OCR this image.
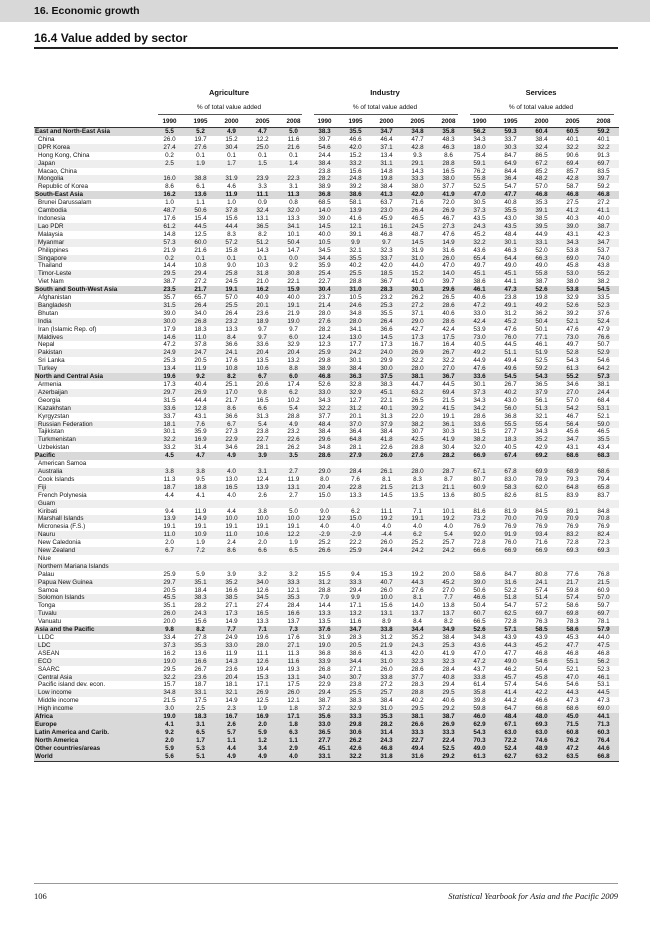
16. Economic growth
16.4 Value added by sector
Agriculture	Industry	Services
% of total value added	% of total value added	% of total value added
	1990	1995	2000	2005	2008	1990	1995	2000	2005	2008	1990	1995	2000	2005	2008
East and North-East Asia	5.5	5.2	4.9	4.7	5.0	38.3	35.5	34.7	34.8	35.8	56.2	59.3	60.4	60.5	59.2
China	26.0	19.7	15.2	12.2	11.6	39.7	46.6	46.4	47.7	48.3	34.3	33.7	38.4	40.1	40.1
DPR Korea	27.4	27.6	30.4	25.0	21.6	54.6	42.0	37.1	42.8	46.3	18.0	30.3	32.4	32.2	32.2
Hong Kong, China	0.2	0.1	0.1	0.1	0.1	24.4	15.2	13.4	9.3	8.6	75.4	84.7	86.5	90.6	91.3
Japan	2.5	1.9	1.7	1.5	1.4	38.4	33.2	31.1	29.1	28.8	59.1	64.9	67.2	69.4	69.7
Macao, China						23.8	15.6	14.8	14.3	16.5	76.2	84.4	85.2	85.7	83.5
Mongolia	16.0	38.8	31.9	23.9	22.3	28.2	24.8	19.8	33.3	38.0	55.8	36.4	48.2	42.8	39.7
Republic of Korea	8.6	6.1	4.6	3.3	3.1	38.9	39.2	38.4	38.0	37.7	52.5	54.7	57.0	58.7	59.2
South-East Asia	16.2	13.6	11.9	11.1	11.3	36.8	38.6	41.3	42.0	41.9	47.0	47.7	46.8	46.8	46.8
Brunei Darussalam	1.0	1.1	1.0	0.9	0.8	68.5	58.1	63.7	71.6	72.0	30.5	40.8	35.3	27.5	27.2
Cambodia	48.7	50.6	37.8	32.4	32.0	14.0	13.9	23.0	26.4	26.9	37.3	35.5	39.1	41.2	41.1
Indonesia	17.6	15.4	15.6	13.1	13.3	39.0	41.6	45.9	46.5	46.7	43.5	43.0	38.5	40.3	40.0
Lao PDR	61.2	44.5	44.4	36.5	34.1	14.5	12.1	16.1	24.5	27.3	24.3	43.5	39.5	39.0	38.7
Malaysia	14.8	12.5	8.3	8.2	10.1	40.0	39.1	46.8	48.7	47.6	45.2	48.4	44.9	43.1	42.3
Myanmar	57.3	60.0	57.2	51.2	50.4	10.5	9.9	9.7	14.5	14.9	32.2	30.1	33.1	34.3	34.7
Philippines	21.9	21.6	15.8	14.3	14.7	34.5	32.1	32.3	31.9	31.6	43.6	46.3	52.0	53.8	53.7
Singapore	0.2	0.1	0.1	0.1	0.0	34.4	35.5	33.7	31.0	26.0	65.4	64.4	66.3	69.0	74.0
Thailand	14.4	10.8	9.0	10.3	9.2	35.9	40.2	42.0	44.0	47.0	49.7	49.0	49.0	45.8	43.8
Timor-Leste	29.5	29.4	25.8	31.8	30.8	25.4	25.5	18.5	15.2	14.0	45.1	45.1	55.8	53.0	55.2
Viet Nam	38.7	27.2	24.5	21.0	22.1	22.7	28.8	36.7	41.0	39.7	38.6	44.1	38.7	38.0	38.2
South and South-West Asia	23.5	21.7	19.1	16.2	15.9	30.4	31.0	28.3	30.1	29.6	46.1	47.3	52.6	53.8	54.5
Afghanistan	35.7	65.7	57.0	40.9	40.0	23.7	10.5	23.2	26.2	26.5	40.6	23.8	19.8	32.9	33.5
Bangladesh	31.5	26.4	25.5	20.1	19.1	21.4	24.6	25.3	27.2	28.6	47.2	49.1	49.2	52.6	52.3
Bhutan	39.0	34.0	26.4	23.6	21.9	28.0	34.8	35.5	37.1	40.6	33.0	31.2	36.2	39.2	37.6
India	30.0	26.8	23.2	18.9	19.0	27.6	28.0	26.4	29.0	28.6	42.4	45.2	50.4	52.1	52.4
Iran (Islamic Rep. of)	17.9	18.3	13.3	9.7	9.7	28.2	34.1	36.6	42.7	42.4	53.9	47.6	50.1	47.6	47.9
Maldives	14.6	11.0	8.4	9.7	6.0	12.4	13.0	14.5	17.3	17.5	73.0	76.0	77.1	73.0	76.6
Nepal	47.2	37.8	36.6	33.6	32.9	12.3	17.7	17.3	16.7	16.4	40.5	44.5	46.1	49.7	50.7
Pakistan	24.9	24.7	24.1	20.4	20.4	25.9	24.2	24.0	26.9	26.7	49.2	51.1	51.9	52.8	52.9
Sri Lanka	25.3	20.5	17.6	13.5	13.2	29.8	30.1	29.9	32.2	32.2	44.9	49.4	52.5	54.3	54.6
Turkey	13.4	11.9	10.8	10.6	8.8	38.9	38.4	30.0	28.0	27.0	47.6	49.6	59.2	61.3	64.2
North and Central Asia	19.6	9.2	8.2	6.7	6.0	46.8	36.3	37.5	38.1	36.7	33.6	54.5	54.3	55.2	57.3
Armenia	17.3	40.4	25.1	20.6	17.4	52.6	32.8	38.3	44.7	44.5	30.1	26.7	36.5	34.6	38.1
Azerbaijan	29.7	26.9	17.0	9.8	6.2	33.0	32.9	45.1	63.2	69.4	37.3	40.2	37.9	27.0	24.4
Georgia	31.5	44.4	21.7	16.5	10.2	34.3	12.7	22.1	26.5	21.5	34.3	43.0	56.1	57.0	68.4
Kazakhstan	33.6	12.8	8.6	6.6	5.4	32.2	31.2	40.1	39.2	41.5	34.2	56.0	51.3	54.2	53.1
Kyrgyzstan	33.7	43.1	36.6	31.3	28.8	37.7	20.1	31.3	22.0	19.1	28.6	36.8	32.1	46.7	52.1
Russian Federation	18.1	7.6	6.7	5.4	4.9	48.4	37.0	37.9	38.2	36.1	33.6	55.5	55.4	56.4	59.0
Tajikistan	30.1	35.9	27.3	23.8	23.2	38.4	36.4	38.4	30.7	30.3	31.5	27.7	34.3	45.6	46.5
Turkmenistan	32.2	16.9	22.9	22.7	22.6	29.6	64.8	41.8	42.5	41.9	38.2	18.3	35.2	34.7	35.5
Uzbekistan	33.2	31.4	34.6	28.1	26.2	34.8	28.1	22.6	28.8	30.4	32.0	40.5	42.9	43.1	43.4
Pacific	4.5	4.7	4.9	3.9	3.5	28.6	27.9	26.0	27.6	28.2	66.9	67.4	69.2	68.6	68.3
American Samoa															
Australia	3.8	3.8	4.0	3.1	2.7	29.0	28.4	26.1	28.0	28.7	67.1	67.8	69.9	68.9	68.6
Cook Islands	11.3	9.5	13.0	12.4	11.9	8.0	7.6	8.1	8.3	8.7	80.7	83.0	78.9	79.3	79.4
Fiji	18.7	18.8	16.5	13.9	13.1	20.4	22.8	21.5	21.3	21.1	60.9	58.3	62.0	64.8	65.8
French Polynesia	4.4	4.1	4.0	2.6	2.7	15.0	13.3	14.5	13.5	13.6	80.5	82.6	81.5	83.9	83.7
Guam															
Kiribati	9.4	11.9	4.4	3.8	5.0	9.0	6.2	11.1	7.1	10.1	81.6	81.9	84.5	89.1	84.8
Marshall Islands	13.9	14.9	10.0	10.0	10.0	12.9	15.0	19.2	19.1	19.2	73.2	70.0	70.9	70.9	70.8
Micronesia (F.S.)	19.1	19.1	19.1	19.1	19.1	4.0	4.0	4.0	4.0	4.0	76.9	76.9	76.9	76.9	76.9
Nauru	11.0	10.9	11.0	10.6	12.2	-2.9	-2.9	-4.4	6.2	5.4	92.0	91.9	93.4	83.2	82.4
New Caledonia	2.0	1.9	2.4	2.0	1.9	25.2	22.2	26.0	25.2	25.7	72.8	76.0	71.6	72.8	72.3
New Zealand	6.7	7.2	8.6	6.6	6.5	26.6	25.9	24.4	24.2	24.2	66.6	66.9	66.9	69.3	69.3
Niue															
Northern Mariana Islands															
Palau	25.9	5.9	3.9	3.2	3.2	15.5	9.4	15.3	19.2	20.0	58.6	84.7	80.8	77.6	76.8
Papua New Guinea	29.7	35.1	35.2	34.0	33.3	31.2	33.3	40.7	44.3	45.2	39.0	31.6	24.1	21.7	21.5
Samoa	20.5	18.4	16.6	12.6	12.1	28.8	29.4	26.0	27.6	27.0	50.6	52.2	57.4	59.8	60.9
Solomon Islands	45.5	38.3	38.5	34.5	35.3	7.9	9.9	10.0	8.1	7.7	46.6	51.8	51.4	57.4	57.0
Tonga	35.1	28.2	27.1	27.4	28.4	14.4	17.1	15.6	14.0	13.8	50.4	54.7	57.2	58.6	59.7
Tuvalu	26.0	24.3	17.3	16.5	16.6	13.3	13.2	13.1	13.7	13.7	60.7	62.5	69.7	69.8	69.7
Vanuatu	20.0	15.6	14.9	13.3	13.7	13.5	11.6	8.9	8.4	8.2	66.5	72.8	76.3	78.3	78.1
Asia and the Pacific	9.8	8.2	7.7	7.1	7.3	37.6	34.7	33.8	34.4	34.9	52.6	57.1	58.5	58.6	57.9
LLDC	33.4	27.8	24.9	19.6	17.6	31.9	28.3	31.2	35.2	38.4	34.8	43.9	43.9	45.3	44.0
LDC	37.3	35.3	33.0	28.0	27.1	19.0	20.5	21.9	24.3	25.3	43.6	44.3	45.2	47.7	47.5
ASEAN	16.2	13.6	11.9	11.1	11.3	36.8	38.6	41.3	42.0	41.9	47.0	47.7	46.8	46.8	46.8
ECO	19.0	16.6	14.3	12.6	11.6	33.9	34.4	31.0	32.3	32.3	47.2	49.0	54.6	55.1	56.2
SAARC	29.5	26.7	23.6	19.4	19.3	26.8	27.1	26.0	28.6	28.4	43.7	46.2	50.4	52.1	52.3
Central Asia	32.2	23.6	20.4	15.3	13.1	34.0	30.7	33.8	37.7	40.8	33.8	45.7	45.8	47.0	46.1
Pacific island dev. econ.	15.7	18.7	18.1	17.1	17.5	22.9	23.8	27.2	28.3	29.4	61.4	57.4	54.6	54.6	53.1
Low income	34.8	33.1	32.1	26.9	26.0	29.4	25.5	25.7	28.8	29.5	35.8	41.4	42.2	44.3	44.5
Middle income	21.5	17.5	14.9	12.5	12.1	38.7	38.3	38.4	40.2	40.6	39.8	44.2	46.6	47.3	47.3
High income	3.0	2.5	2.3	1.9	1.8	37.2	32.9	31.0	29.5	29.2	59.8	64.7	66.8	68.6	69.0
Africa	19.0	18.3	16.7	16.9	17.1	35.6	33.3	35.3	38.1	38.7	46.0	48.4	48.0	45.0	44.1
Europe	4.1	3.1	2.6	2.0	1.8	33.0	29.8	28.2	26.6	26.9	62.9	67.1	69.3	71.5	71.3
Latin America and Carib.	9.2	6.5	5.7	5.9	6.3	36.5	30.6	31.4	33.3	33.3	54.3	63.0	63.0	60.8	60.3
North America	2.0	1.7	1.1	1.2	1.1	27.7	26.2	24.3	22.7	22.4	70.3	72.2	74.6	76.2	76.4
Other countries/areas	5.9	5.3	4.4	3.4	2.9	45.1	42.6	46.8	49.4	52.5	49.0	52.4	48.9	47.2	44.6
World	5.6	5.1	4.9	4.9	4.0	33.1	32.2	31.8	31.6	29.2	61.3	62.7	63.2	63.5	66.8
106	Statistical Yearbook for Asia and the Pacific 2009
